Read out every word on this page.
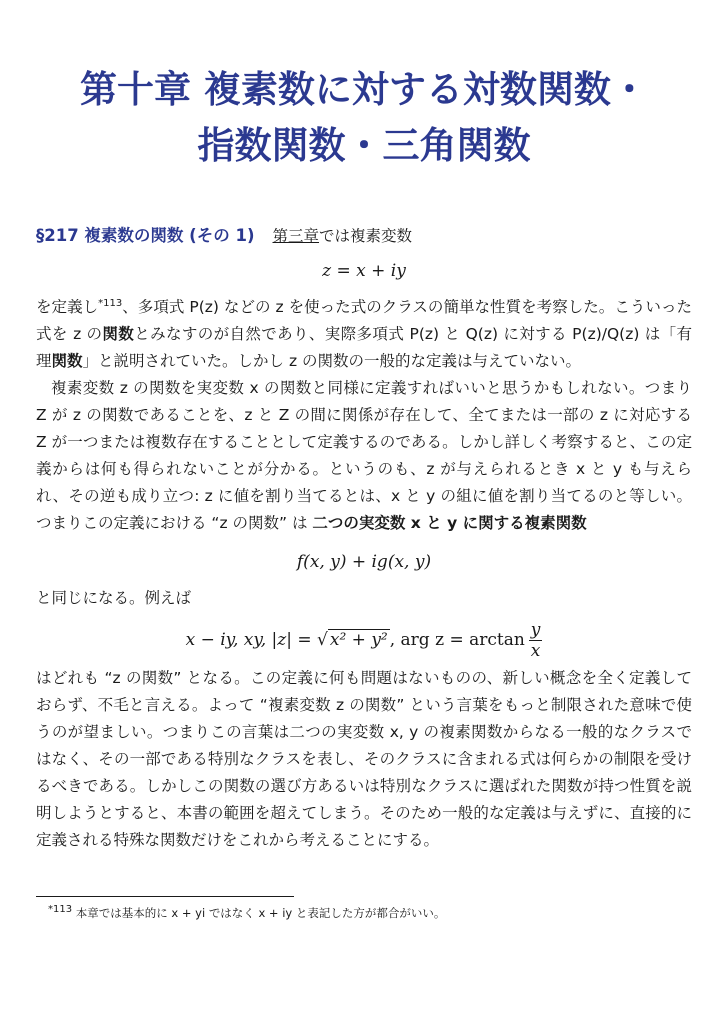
第十章 複素数に対する対数関数・
指数関数・三角関数
§217 複素数の関数 (その 1) 第三章では複素変数
z = x + iy

を定義し$^{*113}$、多項式 P(z) などの z を使った式のクラスの簡単な性質を考察した。こういった式を z の関数とみなすのが自然であり、実際多項式 P(z) と Q(z) に対する P(z)/Q(z) は「有理関数」と説明されていた。しかし z の関数の一般的な定義は与えていない。

複素変数 z の関数を実変数 x の関数と同様に定義すればいいと思うかもしれない。つまり Z が z の関数であることを、z と Z の間に関係が存在して、全てまたは一部の z に対応する Z が一つまたは複数存在することとして定義するのである。しかし詳しく考察すると、この定義からは何も得られないことが分かる。というのも、z が与えられるとき x と y も与えられ、その逆も成り立つ: z に値を割り当てるとは、x と y の組に値を割り当てるのと等しい。つまりこの定義における “z の関数” は 二つの実変数 x と y に関する複素関数

f(x, y) + ig(x, y)

と同じになる。例えば

x − iy, xy, |z| = √ x² + y² , arg $z = \arctan \frac{y}{x}$

はどれも “z の関数” となる。この定義に何も問題はないものの、新しい概念を全く定義しておらず、不毛と言える。よって “複素変数 z の関数” という言葉をもっと制限された意味で使うのが望ましい。つまりこの言葉は二つの実変数 x, y の複素関数からなる一般的なクラスではなく、その一部である特別なクラスを表し、そのクラスに含まれる式は何らかの制限を受けるべきである。しかしこの関数の選び方あるいは特別なクラスに選ばれた関数が持つ性質を説明しようとすると、本書の範囲を超えてしまう。そのため一般的な定義は与えずに、直接的に定義される特殊な関数だけをこれから考えることにする。

$^{*113}$ 本章では基本的に x + yi ではなく x + iy と表記した方が都合がいい。
